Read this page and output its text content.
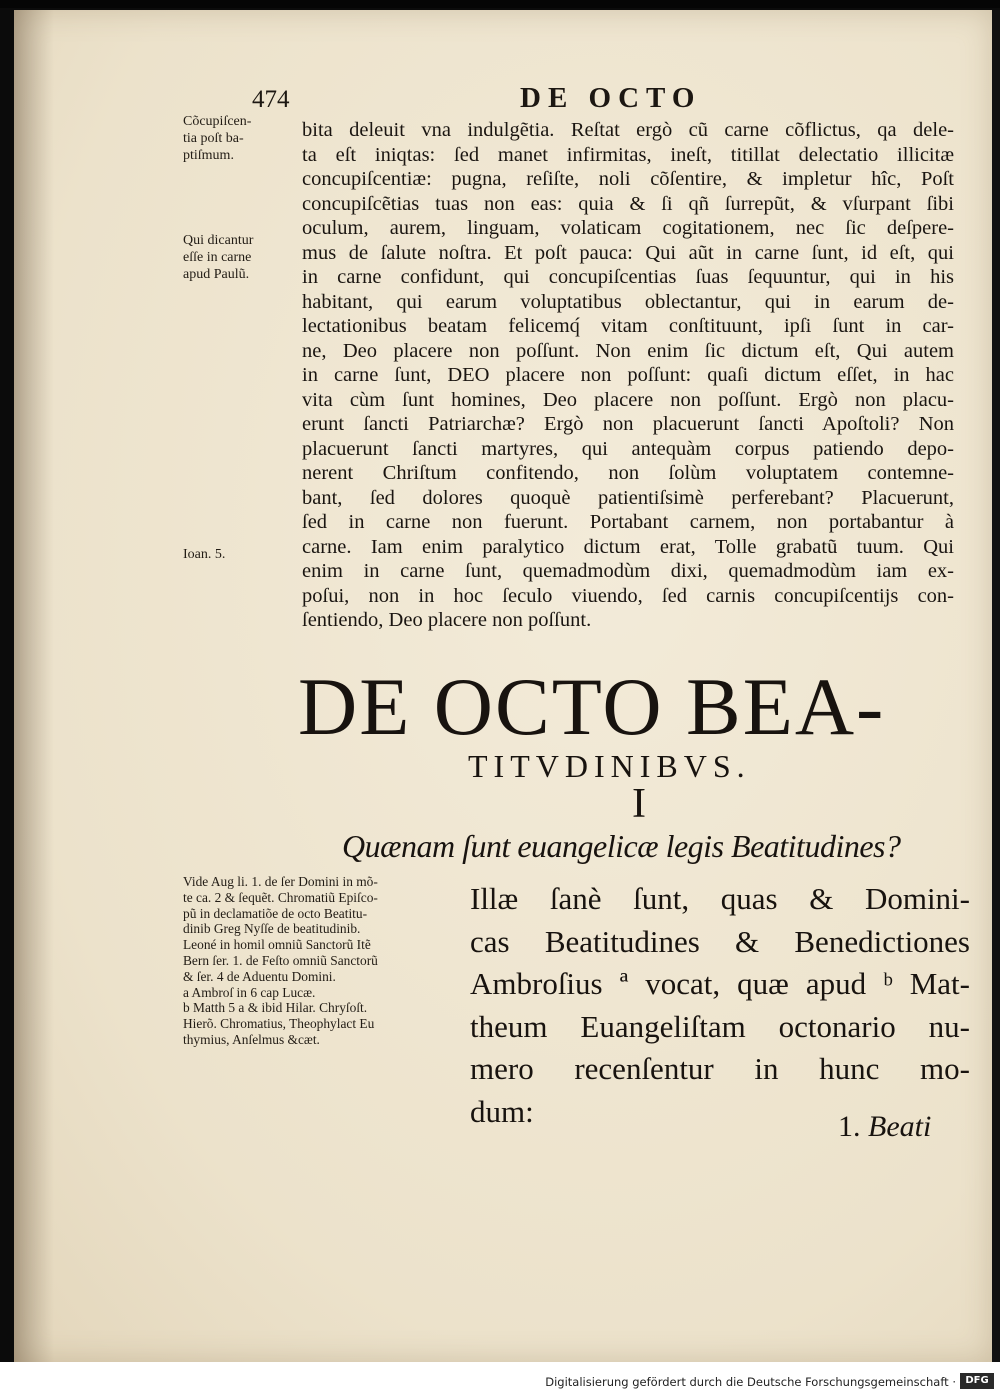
474	DE OCTO
Cõcupiſcen-
tia poſt ba-
ptiſmum.
Qui dicantur
eſſe in carne
apud Paulũ.
Ioan. 5.
bita deleuit vna indulgẽtia. Reſtat ergò cũ carne cõflictus, qa dele-
ta eſt iniqtas: ſed manet infirmitas, ineſt, titillat delectatio illicitæ
concupiſcentiæ: pugna, reſiſte, noli cõſentire, & impletur hîc, Poſt
concupiſcẽtias tuas non eas: quia & ſi qñ ſurrepũt, & vſurpant ſibi
oculum, aurem, linguam, volaticam cogitationem, nec ſic deſpere-
mus de ſalute noſtra. Et poſt pauca: Qui aũt in carne ſunt, id eſt, qui
in carne confidunt, qui concupiſcentias ſuas ſequuntur, qui in his
habitant, qui earum voluptatibus oblectantur, qui in earum de-
lectationibus beatam felicemq́ vitam conſtituunt, ipſi ſunt in car-
ne, Deo placere non poſſunt. Non enim ſic dictum eſt, Qui autem
in carne ſunt, DEO placere non poſſunt: quaſi dictum eſſet, in hac
vita cùm ſunt homines, Deo placere non poſſunt. Ergò non placu-
erunt ſancti Patriarchæ? Ergò non placuerunt ſancti Apoſtoli? Non
placuerunt ſancti martyres, qui antequàm corpus patiendo depo-
nerent Chriſtum confitendo, non ſolùm voluptatem contemne-
bant, ſed dolores quoquè patientiſsimè perferebant? Placuerunt,
ſed in carne non fuerunt. Portabant carnem, non portabantur à
carne. Iam enim paralytico dictum erat, Tolle grabatũ tuum. Qui
enim in carne ſunt, quemadmodùm dixi, quemadmodùm iam ex-
poſui, non in hoc ſeculo viuendo, ſed carnis concupiſcentijs con-
ſentiendo, Deo placere non poſſunt.
DE OCTO BEA-
TITVDINIBVS.
I
Quænam ſunt euangelicæ legis Beatitudines?
Vide Aug li. 1. de ſer Domini in mõ-
te ca. 2 & ſequẽt. Chromatiũ Epiſco-
pũ in declamatiõe de octo Beatitu-
dinib Greg Nyſſe de beatitudinib.
Leoné in homil omniũ Sanctorũ Itẽ
Bern ſer. 1. de Feſto omniũ Sanctorũ
& ſer. 4 de Aduentu Domini.
a Ambroſ in 6 cap Lucæ.
b Matth 5 a & ibid Hilar. Chryſoſt.
Hierõ. Chromatius, Theophylact Eu
thymius, Anſelmus &cæt.
Illæ ſanè ſunt, quas & Domini-
cas Beatitudines & Benedictiones
Ambroſius ª vocat, quæ apud ᵇ Mat-
theum Euangeliſtam octonario nu-
mero recenſentur in hunc mo-
dum:	1. Beati
Digitalisierung gefördert durch die Deutsche Forschungsgemeinschaft · DFG
